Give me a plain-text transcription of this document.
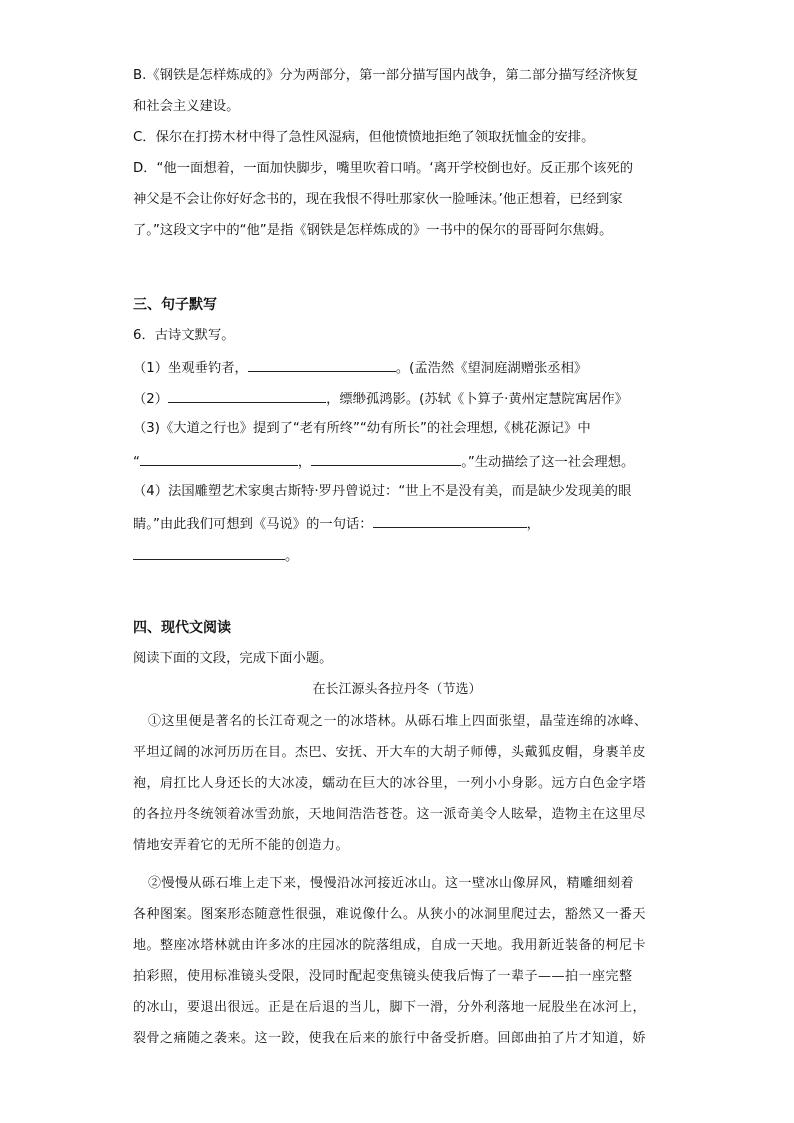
B.《钢铁是怎样炼成的》分为两部分，第一部分描写国内战争，第二部分描写经济恢复

和社会主义建设。

C．保尔在打捞木材中得了急性风湿病，但他愤愤地拒绝了领取抚恤金的安排。

D．“他一面想着，一面加快脚步，嘴里吹着口哨。‘离开学校倒也好。反正那个该死的

神父是不会让你好好念书的，现在我恨不得吐那家伙一脸唾沫。’他正想着，已经到家

了。”这段文字中的“他”是指《钢铁是怎样炼成的》一书中的保尔的哥哥阿尔焦姆。

三、句子默写

6．古诗文默写。

（1）坐观垂钓者，	。(孟浩然《望洞庭湖赠张丞相》

（2）	，缥缈孤鸿影。(苏轼《卜算子·黄州定慧院寓居作》

（3)《大道之行也》提到了“老有所终”“幼有所长”的社会理想,《桃花源记》中

“	，	。”生动描绘了这一社会理想。

（4）法国雕塑艺术家奥古斯特·罗丹曾说过：“世上不是没有美，而是缺少发现美的眼

睛。”由此我们可想到《马说》的一句话：	，

。

四、现代文阅读

阅读下面的文段，完成下面小题。

在长江源头各拉丹冬（节选）

①这里便是著名的长江奇观之一的冰塔林。从砾石堆上四面张望，晶莹连绵的冰峰、

平坦辽阔的冰河历历在目。杰巴、安抚、开大车的大胡子师傅，头戴狐皮帽，身裹羊皮

袍，肩扛比人身还长的大冰凌，蠕动在巨大的冰谷里，一列小小身影。远方白色金字塔

的各拉丹冬统领着冰雪劲旅，天地间浩浩苍苍。这一派奇美令人眩晕，造物主在这里尽

情地安弄着它的无所不能的创造力。

②慢慢从砾石堆上走下来，慢慢沿冰河接近冰山。这一壁冰山像屏风，精雕细刻着

各种图案。图案形态随意性很强，难说像什么。从狭小的冰洞里爬过去，豁然又一番天

地。整座冰塔林就由许多冰的庄园冰的院落组成，自成一天地。我用新近装备的柯尼卡

拍彩照，使用标准镜头受限，没同时配起变焦镜头使我后悔了一辈子——拍一座完整

的冰山，要退出很远。正是在后退的当儿，脚下一滑，分外利落地一屁股坐在冰河上，

裂骨之痛随之袭来。这一跤，使我在后来的旅行中备受折磨。回郎曲拍了片才知道，娇
